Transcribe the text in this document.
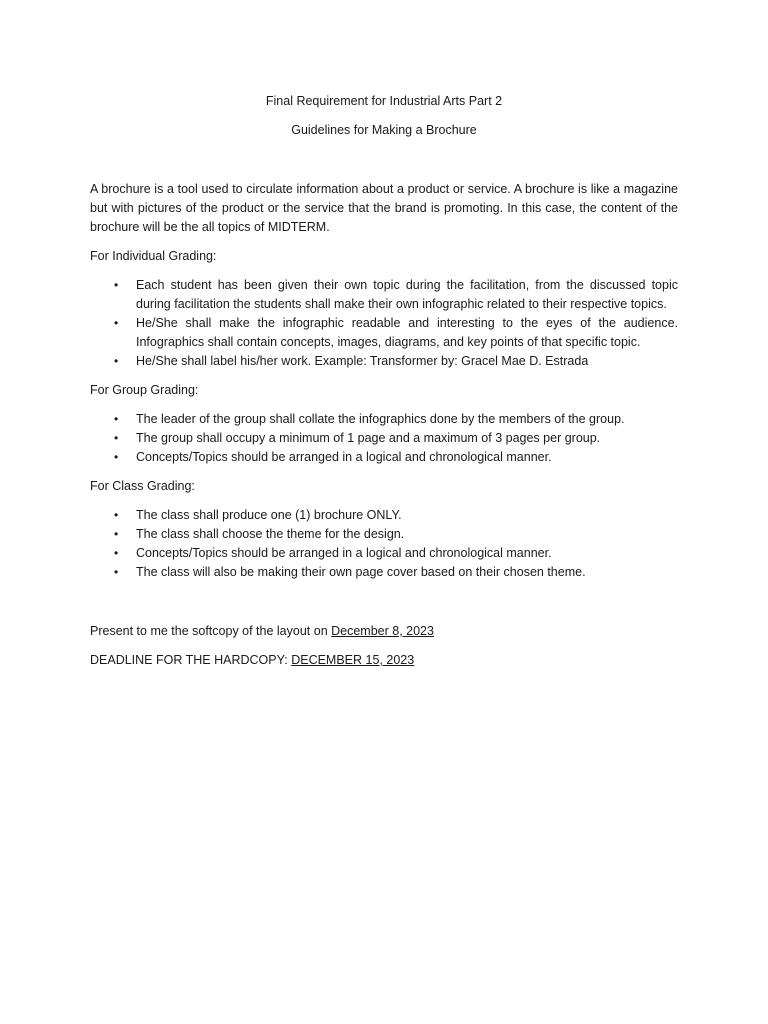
Final Requirement for Industrial Arts Part 2
Guidelines for Making a Brochure

A brochure is a tool used to circulate information about a product or service. A brochure is like a magazine but with pictures of the product or the service that the brand is promoting. In this case, the content of the brochure will be the all topics of MIDTERM.

For Individual Grading:
• Each student has been given their own topic during the facilitation, from the discussed topic during facilitation the students shall make their own infographic related to their respective topics.
• He/She shall make the infographic readable and interesting to the eyes of the audience. Infographics shall contain concepts, images, diagrams, and key points of that specific topic.
• He/She shall label his/her work. Example: Transformer by: Gracel Mae D. Estrada
For Group Grading:
• The leader of the group shall collate the infographics done by the members of the group.
• The group shall occupy a minimum of 1 page and a maximum of 3 pages per group.
• Concepts/Topics should be arranged in a logical and chronological manner.
For Class Grading:
• The class shall produce one (1) brochure ONLY.
• The class shall choose the theme for the design.
• Concepts/Topics should be arranged in a logical and chronological manner.
• The class will also be making their own page cover based on their chosen theme.
Present to me the softcopy of the layout on December 8, 2023
DEADLINE FOR THE HARDCOPY: DECEMBER 15, 2023
